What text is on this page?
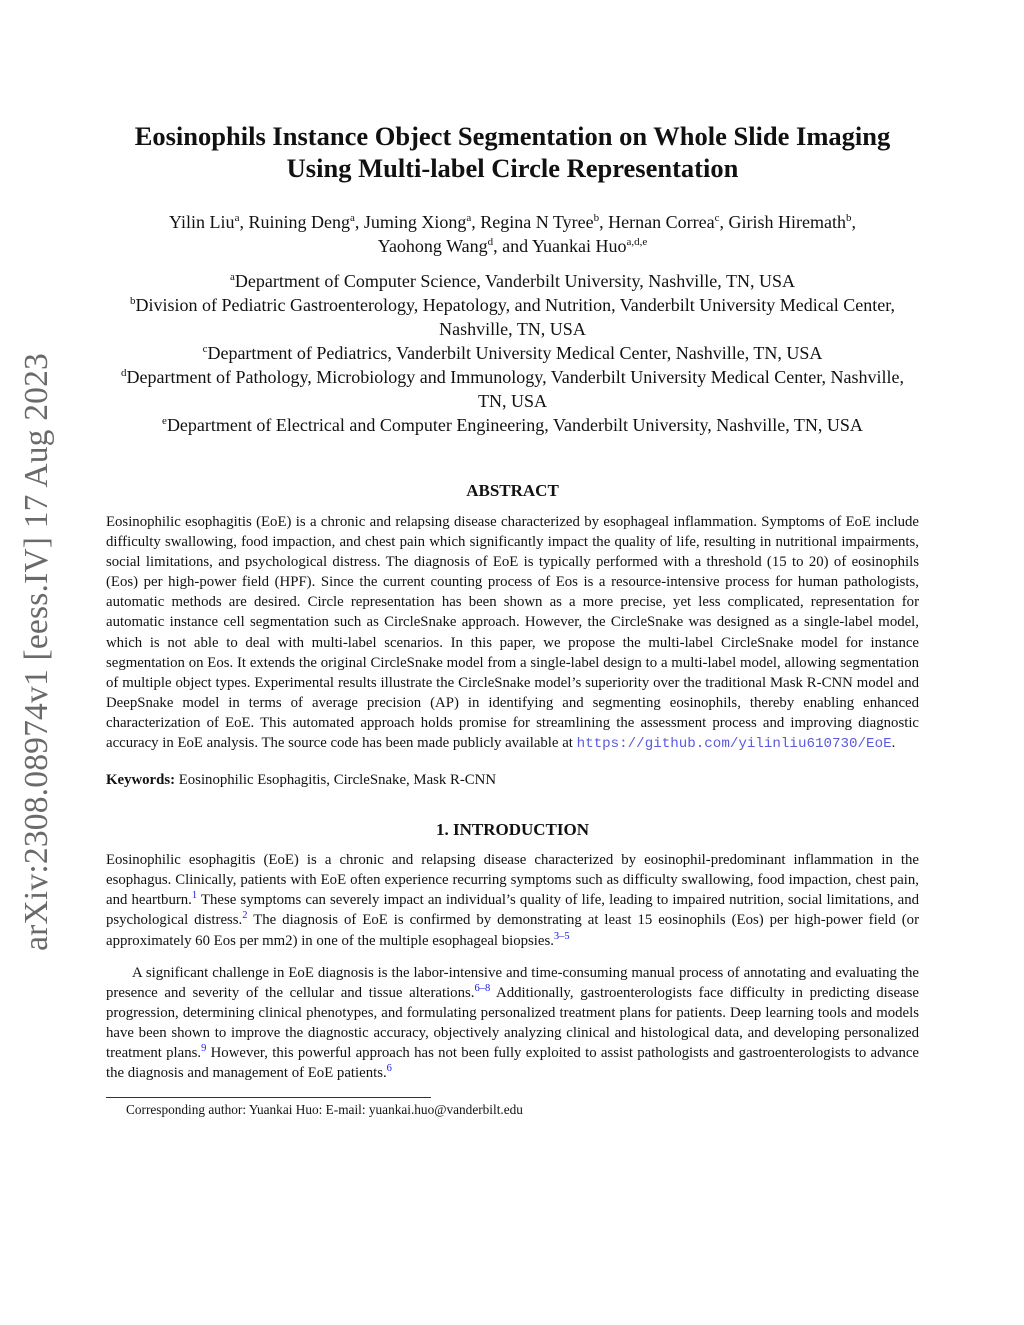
arXiv:2308.08974v1 [eess.IV] 17 Aug 2023
Eosinophils Instance Object Segmentation on Whole Slide Imaging
Using Multi-label Circle Representation
Yilin Liu$^a$, Ruining Deng$^a$, Juming Xiong$^a$, Regina N Tyree$^b$, Hernan Correa$^c$, Girish Hiremath$^b$,
Yaohong Wang$^d$, and Yuankai Huo$^{a,d,e}$
$^a$Department of Computer Science, Vanderbilt University, Nashville, TN, USA
$^b$Division of Pediatric Gastroenterology, Hepatology, and Nutrition, Vanderbilt University Medical Center, Nashville, TN, USA
$^c$Department of Pediatrics, Vanderbilt University Medical Center, Nashville, TN, USA
$^d$Department of Pathology, Microbiology and Immunology, Vanderbilt University Medical Center, Nashville, TN, USA
$^e$Department of Electrical and Computer Engineering, Vanderbilt University, Nashville, TN, USA
ABSTRACT

Eosinophilic esophagitis (EoE) is a chronic and relapsing disease characterized by esophageal inflammation. Symptoms of EoE include difficulty swallowing, food impaction, and chest pain which significantly impact the quality of life, resulting in nutritional impairments, social limitations, and psychological distress. The diagnosis of EoE is typically performed with a threshold (15 to 20) of eosinophils (Eos) per high-power field (HPF). Since the current counting process of Eos is a resource-intensive process for human pathologists, automatic methods are desired. Circle representation has been shown as a more precise, yet less complicated, representation for automatic instance cell segmentation such as CircleSnake approach. However, the CircleSnake was designed as a single-label model, which is not able to deal with multi-label scenarios. In this paper, we propose the multi-label CircleSnake model for instance segmentation on Eos. It extends the original CircleSnake model from a single-label design to a multi-label model, allowing segmentation of multiple object types. Experimental results illustrate the CircleSnake model’s superiority over the traditional Mask R-CNN model and DeepSnake model in terms of average precision (AP) in identifying and segmenting eosinophils, thereby enabling enhanced characterization of EoE. This automated approach holds promise for streamlining the assessment process and improving diagnostic accuracy in EoE analysis. The source code has been made publicly available at https://github.com/yilinliu610730/EoE.

Keywords: Eosinophilic Esophagitis, CircleSnake, Mask R-CNN
1. INTRODUCTION

Eosinophilic esophagitis (EoE) is a chronic and relapsing disease characterized by eosinophil-predominant inflammation in the esophagus. Clinically, patients with EoE often experience recurring symptoms such as difficulty swallowing, food impaction, chest pain, and heartburn.$^1$ These symptoms can severely impact an individual’s quality of life, leading to impaired nutrition, social limitations, and psychological distress.$^2$ The diagnosis of EoE is confirmed by demonstrating at least 15 eosinophils (Eos) per high-power field (or approximately 60 Eos per mm2) in one of the multiple esophageal biopsies.$^{3-5}$

A significant challenge in EoE diagnosis is the labor-intensive and time-consuming manual process of annotating and evaluating the presence and severity of the cellular and tissue alterations.$^{6-8}$ Additionally, gastroenterologists face difficulty in predicting disease progression, determining clinical phenotypes, and formulating personalized treatment plans for patients. Deep learning tools and models have been shown to improve the diagnostic accuracy, objectively analyzing clinical and histological data, and developing personalized treatment plans.$^9$ However, this powerful approach has not been fully exploited to assist pathologists and gastroenterologists to advance the diagnosis and management of EoE patients.$^6$

Corresponding author: Yuankai Huo: E-mail: yuankai.huo@vanderbilt.edu
